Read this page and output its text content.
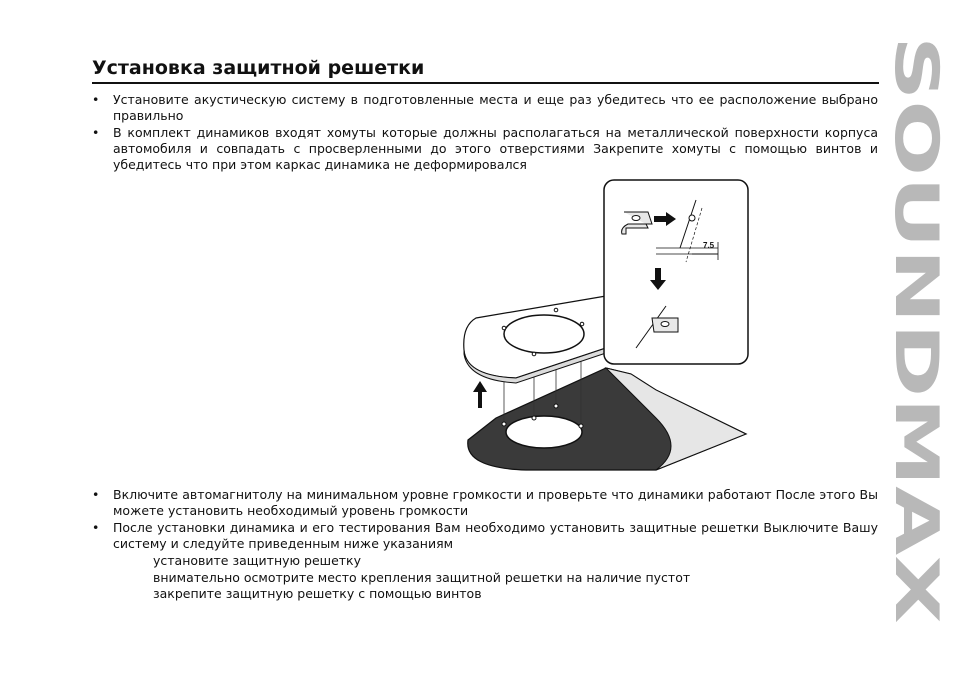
Установка защитной решетки
•	Установите акустическую систему в подготовленные места и еще раз убедитесь что ее расположение выбрано правильно
•	В комплект динамиков входят хомуты которые должны располагаться на металлической поверхности корпуса автомобиля и совпадать с просверленными до этого отверстиями Закрепите хомуты с помощью винтов и убедитесь что при этом каркас динамика не деформировался
7.5
•	Включите автомагнитолу на минимальном уровне громкости и проверьте что динамики работают После этого Вы можете установить необходимый уровень громкости
•	После установки динамика и его тестирования Вам необходимо установить защитные решетки Выключите Вашу систему и следуйте приведенным ниже указаниям
установите защитную решетку
внимательно осмотрите место крепления защитной решетки на наличие пустот
закрепите защитную решетку с помощью винтов
SOUNDMAX
